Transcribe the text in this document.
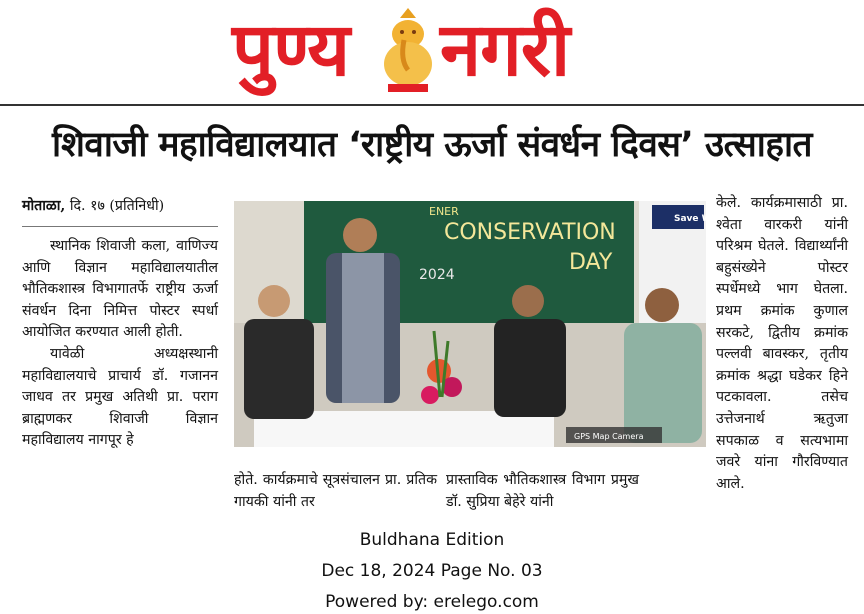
पुण्य नगरी
शिवाजी महाविद्यालयात ‘राष्ट्रीय ऊर्जा संवर्धन दिवस’ उत्साहात
मोताळा, दि. १७ (प्रतिनिधी)

स्थानिक शिवाजी कला, वाणिज्य आणि विज्ञान महाविद्यालयातील भौतिकशास्त्र विभागातर्फे राष्ट्रीय ऊर्जा संवर्धन दिना निमित्त पोस्टर स्पर्धा आयोजित करण्यात आली होती.

यावेळी अध्यक्षस्थानी महाविद्यालयाचे प्राचार्य डॉ. गजानन जाधव तर प्रमुख अतिथी प्रा. पराग ब्राह्मणकर शिवाजी विज्ञान महाविद्यालय नागपूर हे

Save W
ENER
CONSERVATION
DAY
2024
GPS Map Camera

केले. कार्यक्रमासाठी प्रा. श्वेता वारकरी यांनी परिश्रम घेतले. विद्यार्थ्यांनी बहुसंख्येने पोस्टर स्पर्धेमध्ये भाग घेतला. प्रथम क्रमांक कुणाल सरकटे, द्वितीय क्रमांक पल्लवी बावस्कर, तृतीय क्रमांक श्रद्धा घडेकर हिने पटकावला. तसेच उत्तेजनार्थ ऋतुजा सपकाळ व सत्यभामा जवरे यांना गौरविण्यात आले.

होते. कार्यक्रमाचे सूत्रसंचालन प्रा. प्रतिक गायकी यांनी तर
प्रास्ताविक भौतिकशास्त्र विभाग प्रमुख डॉ. सुप्रिया बेहेरे यांनी
Buldhana Edition
Dec 18, 2024 Page No. 03
Powered by: erelego.com
